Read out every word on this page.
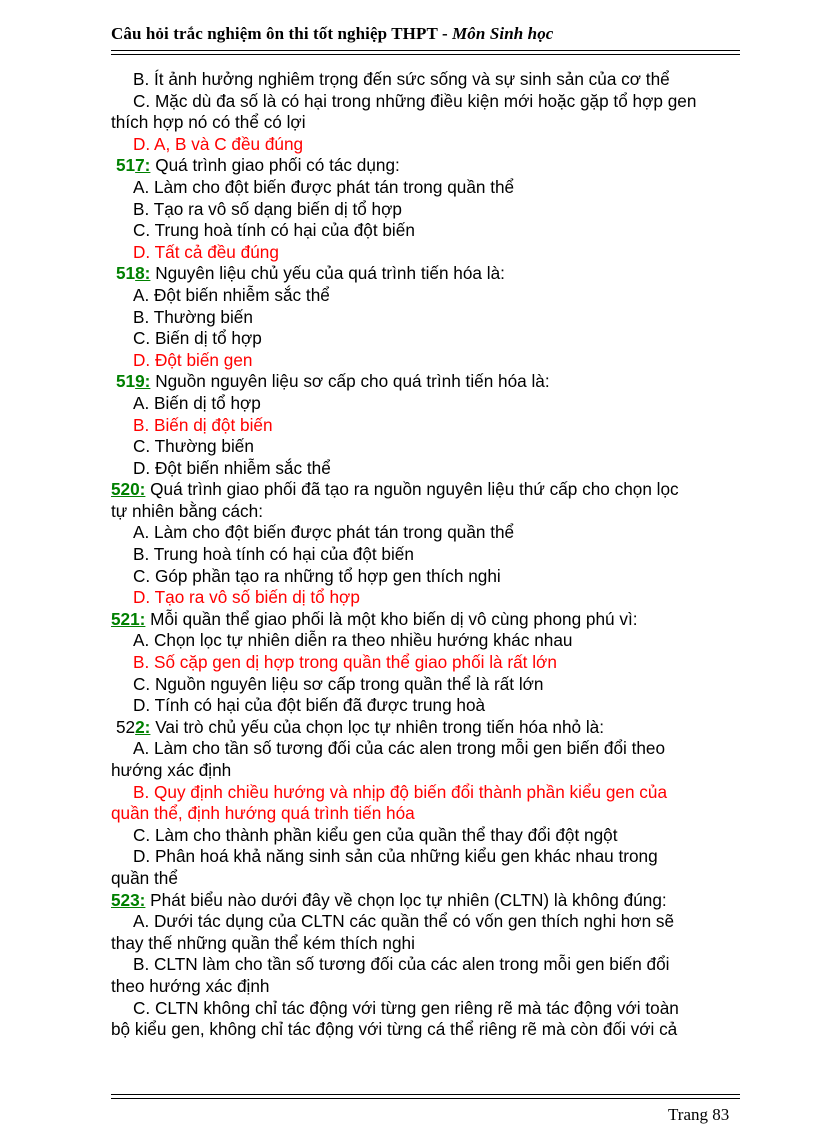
Câu hỏi trắc nghiệm ôn thi tốt nghiệp THPT - Môn Sinh học
B. Ít ảnh hưởng nghiêm trọng đến sức sống và sự sinh sản của cơ thể
C. Mặc dù đa số là có hại trong những điều kiện mới hoặc gặp tổ hợp gen
thích hợp nó có thể có lợi
D. A, B và C đều đúng
517: Quá trình giao phối có tác dụng:
A. Làm cho đột biến được phát tán trong quần thể
B. Tạo ra vô số dạng biến dị tổ hợp
C. Trung hoà tính có hại của đột biến
D. Tất cả đều đúng
518: Nguyên liệu chủ yếu của quá trình tiến hóa là:
A. Đột biến nhiễm sắc thể
B. Thường biến
C. Biến dị tổ hợp
D. Đột biến gen
519: Nguồn nguyên liệu sơ cấp cho quá trình tiến hóa là:
A. Biến dị tổ hợp
B. Biến dị đột biến
C. Thường biến
D. Đột biến nhiễm sắc thể
520: Quá trình giao phối đã tạo ra nguồn nguyên liệu thứ cấp cho chọn lọc
tự nhiên bằng cách:
A. Làm cho đột biến được phát tán trong quần thể
B. Trung hoà tính có hại của đột biến
C. Góp phần tạo ra những tổ hợp gen thích nghi
D. Tạo ra vô số biến dị tổ hợp
521: Mỗi quần thể giao phối là một kho biến dị vô cùng phong phú vì:
A. Chọn lọc tự nhiên diễn ra theo nhiều hướng khác nhau
B. Số cặp gen dị hợp trong quần thể giao phối là rất lớn
C. Nguồn nguyên liệu sơ cấp trong quần thể là rất lớn
D. Tính có hại của đột biến đã được trung hoà
522: Vai trò chủ yếu của chọn lọc tự nhiên trong tiến hóa nhỏ là:
A. Làm cho tần số tương đối của các alen trong mỗi gen biến đổi theo
hướng xác định
B. Quy định chiều hướng và nhịp độ biến đổi thành phần kiểu gen của
quần thể, định hướng quá trình tiến hóa
C. Làm cho thành phần kiểu gen của quần thể thay đổi đột ngột
D. Phân hoá khả năng sinh sản của những kiểu gen khác nhau trong
quần thể
523: Phát biểu nào dưới đây về chọn lọc tự nhiên (CLTN) là không đúng:
A. Dưới tác dụng của CLTN các quần thể có vốn gen thích nghi hơn sẽ
thay thế những quần thể kém thích nghi
B. CLTN làm cho tần số tương đối của các alen trong mỗi gen biến đổi
theo hướng xác định
C. CLTN không chỉ tác động với từng gen riêng rẽ mà tác động với toàn
bộ kiểu gen, không chỉ tác động với từng cá thể riêng rẽ mà còn đối với cả
Trang 83
